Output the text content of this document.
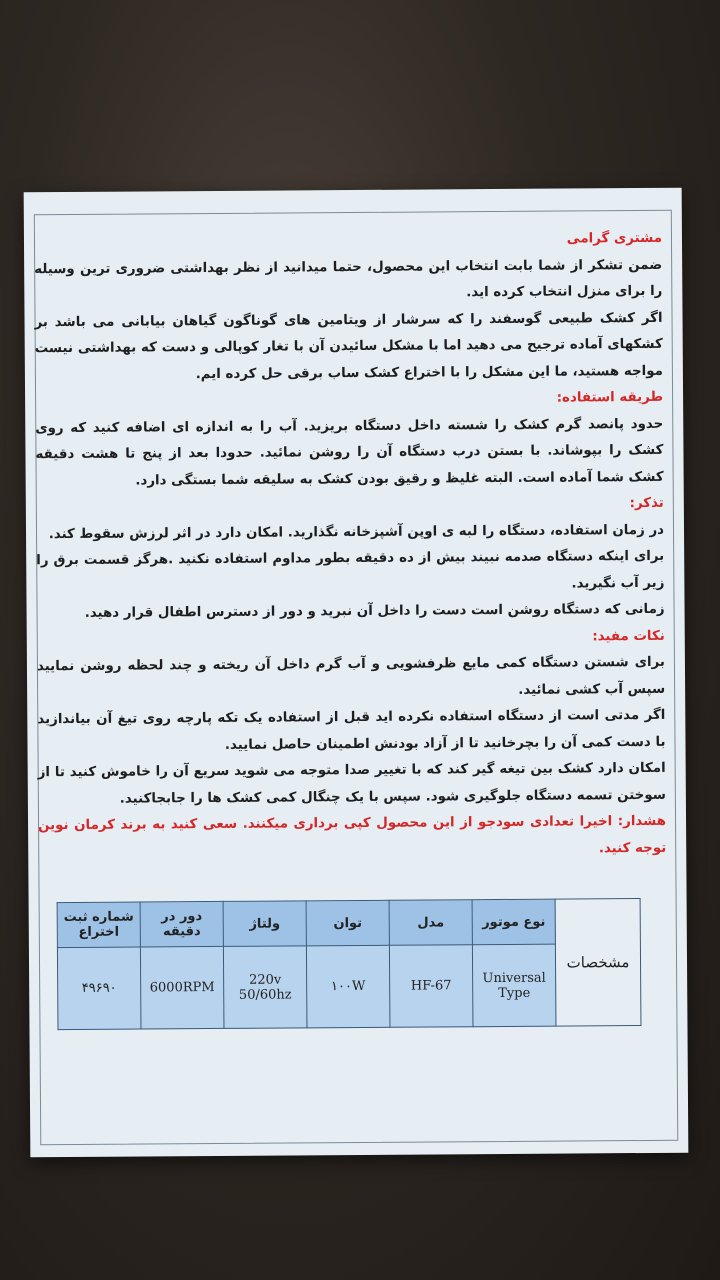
مشتری گرامی

ضمن تشکر از شما بابت انتخاب این محصول، حتما میدانید از نظر بهداشتی ضروری ترین وسیله را برای منزل انتخاب کرده اید.

اگر کشک طبیعی گوسفند را که سرشار از ویتامین های گوناگون گیاهان بیابانی می باشد بر کشکهای آماده ترجیح می دهید اما با مشکل سائیدن آن با تغار کوپالی و دست که بهداشتی نیست مواجه هستید، ما این مشکل را با اختراع کشک ساب برقی حل کرده ایم.

طریقه استفاده:

حدود پانصد گرم کشک را شسته داخل دستگاه بریزید. آب را به اندازه ای اضافه کنید که روی کشک را بپوشاند. با بستن درب دستگاه آن را روشن نمائید. حدودا بعد از پنج تا هشت دقیقه کشک شما آماده است. البته غلیظ و رقیق بودن کشک به سلیقه شما بستگی دارد.

تذکر:

در زمان استفاده، دستگاه را لبه ی اوپن آشپزخانه نگذارید. امکان دارد در اثر لرزش سقوط کند.

برای اینکه دستگاه صدمه نبیند بیش از ده دقیقه بطور مداوم استفاده نکنید .هرگز قسمت برق را زیر آب نگیرید.

زمانی که دستگاه روشن است دست را داخل آن نبرید و دور از دسترس اطفال قرار دهید.

نکات مفید:

برای شستن دستگاه کمی مایع ظرفشویی و آب گرم داخل آن ریخته و چند لحظه روشن نمایید سپس آب کشی نمائید.

اگر مدتی است از دستگاه استفاده نکرده اید قبل از استفاده یک تکه پارچه روی تیغ آن بیاندازید با دست کمی آن را بچرخانید تا از آزاد بودنش اطمینان حاصل نمایید.

امکان دارد کشک بین تیغه گیر کند که با تغییر صدا متوجه می شوید سریع آن را خاموش کنید تا از سوختن تسمه دستگاه جلوگیری شود. سپس با یک چنگال کمی کشک ها را جابجاکنید.

هشدار: اخیرا تعدادی سودجو از این محصول کپی برداری میکنند. سعی کنید به برند کرمان نوین توجه کنید.

مشخصات	نوع موتور	مدل	توان	ولتاژ	دور در دقیقه	شماره ثبت اختراع
	Universal Type	HF-67	۱۰۰W	220v 50/60hz	6000RPM	۴۹۶۹۰
